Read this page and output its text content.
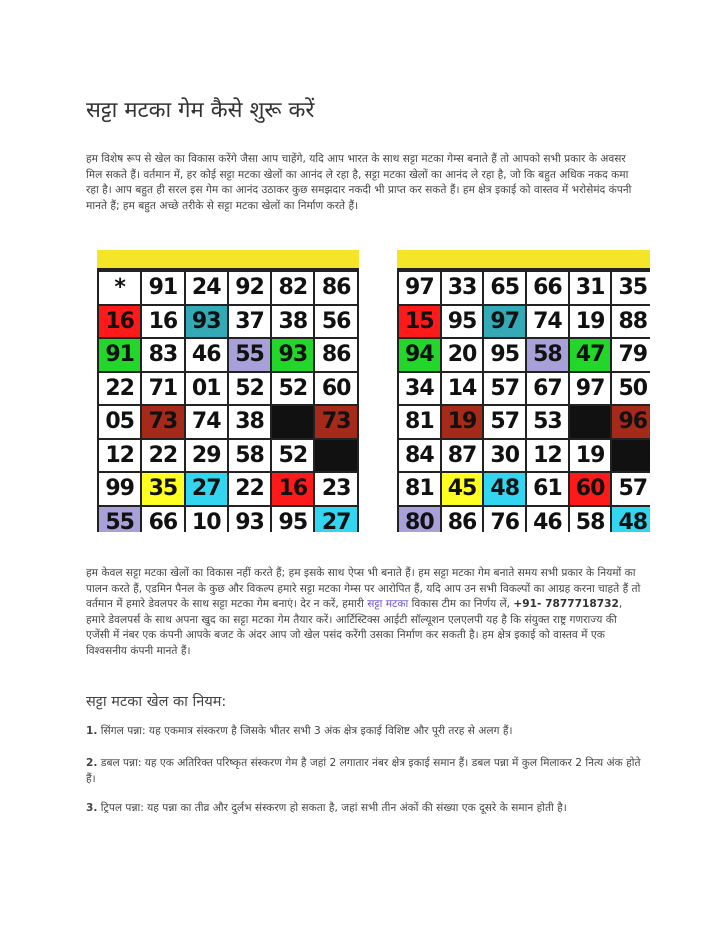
सट्टा मटका गेम कैसे शुरू करें

हम विशेष रूप से खेल का विकास करेंगे जैसा आप चाहेंगे, यदि आप भारत के साथ सट्टा मटका गेम्स बनाते हैं तो आपको सभी प्रकार के अवसर मिल सकते हैं। वर्तमान में, हर कोई सट्टा मटका खेलों का आनंद ले रहा है, सट्टा मटका खेलों का आनंद ले रहा है, जो कि बहुत अधिक नकद कमा रहा है। आप बहुत ही सरल इस गेम का आनंद उठाकर कुछ समझदार नकदी भी प्राप्त कर सकते हैं। हम क्षेत्र इकाई को वास्तव में भरोसेमंद कंपनी मानते हैं; हम बहुत अच्छे तरीके से सट्टा मटका खेलों का निर्माण करते हैं।

*	91 24 92 82 86
16 16 93 37 38 56
91 83 46 55 93 86
22 71 01 52 52 60
05 73 74 38 34 73
12 22 29 58 52 90
99 35 27 22 16 23
55 66 10 93 95 27
97 33 65 66 31 35
15 95 97 74 19 88
94 20 95 58 47 79
34 14 57 67 97 50
81 19 57 53 34 96
84 87 30 12 19 59
81 45 48 61 60 57
80 86 76 46 58 48

हम केवल सट्टा मटका खेलों का विकास नहीं करते हैं; हम इसके साथ ऐप्स भी बनाते हैं। हम सट्टा मटका गेम बनाते समय सभी प्रकार के नियमों का पालन करते हैं, एडमिन पैनल के कुछ और विकल्प हमारे सट्टा मटका गेम्स पर आरोपित हैं, यदि आप उन सभी विकल्पों का आग्रह करना चाहते हैं तो वर्तमान में हमारे डेवलपर के साथ सट्टा मटका गेम बनाएं। देर न करें, हमारी सट्टा मटका विकास टीम का निर्णय लें, +91- 7877718732, हमारे डेवलपर्स के साथ अपना खुद का सट्टा मटका गेम तैयार करें। आर्टिस्टिक्स आईटी सॉल्यूशन एलएलपी यह है कि संयुक्त राष्ट्र गणराज्य की एजेंसी में नंबर एक कंपनी आपके बजट के अंदर आप जो खेल पसंद करेंगी उसका निर्माण कर सकती है। हम क्षेत्र इकाई को वास्तव में एक विश्वसनीय कंपनी मानते हैं।

सट्टा मटका खेल का नियम:

1. सिंगल पन्ना: यह एकमात्र संस्करण है जिसके भीतर सभी 3 अंक क्षेत्र इकाई विशिष्ट और पूरी तरह से अलग हैं।

2. डबल पन्ना: यह एक अतिरिक्त परिष्कृत संस्करण गेम है जहां 2 लगातार नंबर क्षेत्र इकाई समान हैं। डबल पन्ना में कुल मिलाकर 2 नित्य अंक होते हैं।

3. ट्रिपल पन्ना: यह पन्ना का तीव्र और दुर्लभ संस्करण हो सकता है, जहां सभी तीन अंकों की संख्या एक दूसरे के समान होती है।
